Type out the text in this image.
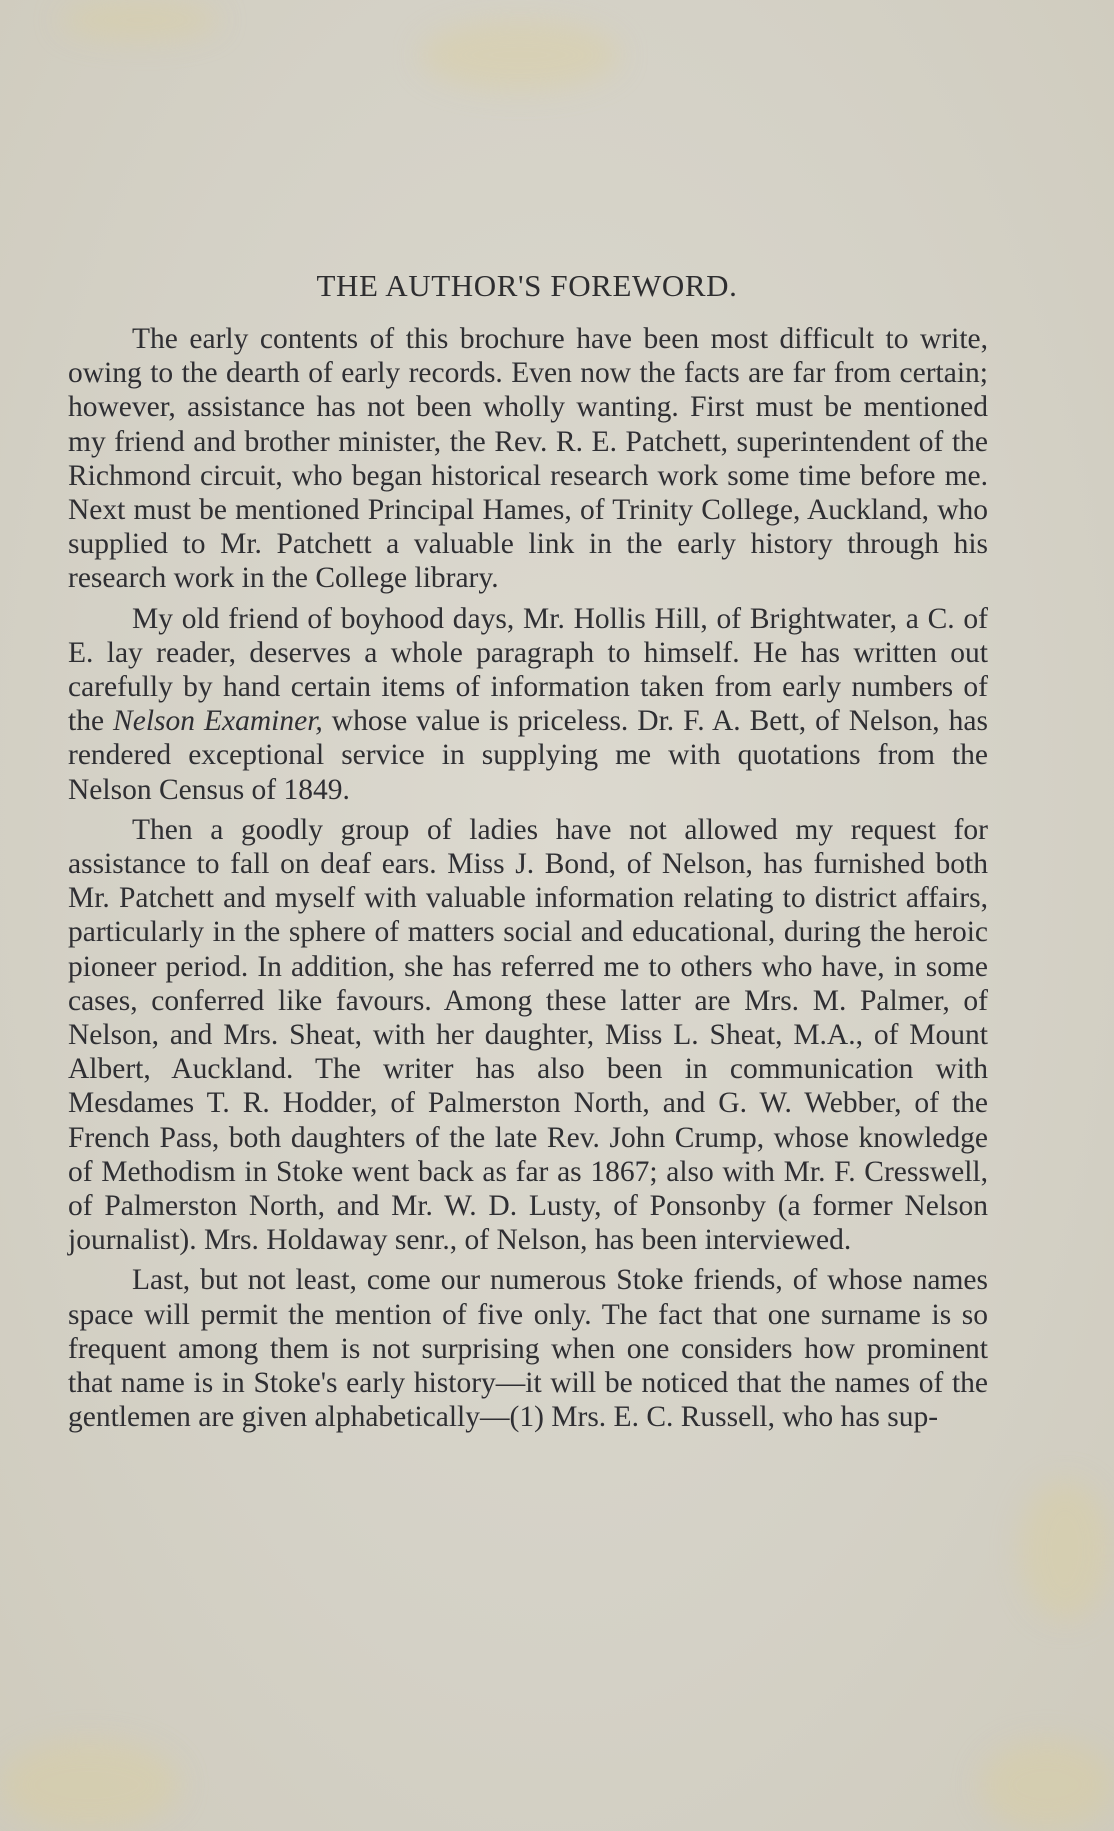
THE AUTHOR'S FOREWORD.

The early contents of this brochure have been most difficult to write, owing to the dearth of early records. Even now the facts are far from certain; however, assistance has not been wholly wanting. First must be mentioned my friend and brother minister, the Rev. R. E. Patchett, superintendent of the Richmond circuit, who began historical research work some time before me. Next must be mentioned Principal Hames, of Trinity College, Auckland, who supplied to Mr. Patchett a valuable link in the early history through his research work in the College library.

My old friend of boyhood days, Mr. Hollis Hill, of Brightwater, a C. of E. lay reader, deserves a whole paragraph to himself. He has written out carefully by hand certain items of information taken from early numbers of the Nelson Examiner, whose value is priceless. Dr. F. A. Bett, of Nelson, has rendered exceptional service in supplying me with quotations from the Nelson Census of 1849.

Then a goodly group of ladies have not allowed my request for assistance to fall on deaf ears. Miss J. Bond, of Nelson, has furnished both Mr. Patchett and myself with valuable information relating to district affairs, particularly in the sphere of matters social and educational, during the heroic pioneer period. In addition, she has referred me to others who have, in some cases, conferred like favours. Among these latter are Mrs. M. Palmer, of Nelson, and Mrs. Sheat, with her daughter, Miss L. Sheat, M.A., of Mount Albert, Auckland. The writer has also been in communication with Mesdames T. R. Hodder, of Palmerston North, and G. W. Webber, of the French Pass, both daughters of the late Rev. John Crump, whose knowledge of Methodism in Stoke went back as far as 1867; also with Mr. F. Cresswell, of Palmerston North, and Mr. W. D. Lusty, of Ponsonby (a former Nelson journalist). Mrs. Holdaway senr., of Nelson, has been interviewed.

Last, but not least, come our numerous Stoke friends, of whose names space will permit the mention of five only. The fact that one surname is so frequent among them is not surprising when one considers how prominent that name is in Stoke's early history—it will be noticed that the names of the gentlemen are given alphabetically—(1) Mrs. E. C. Russell, who has sup-
